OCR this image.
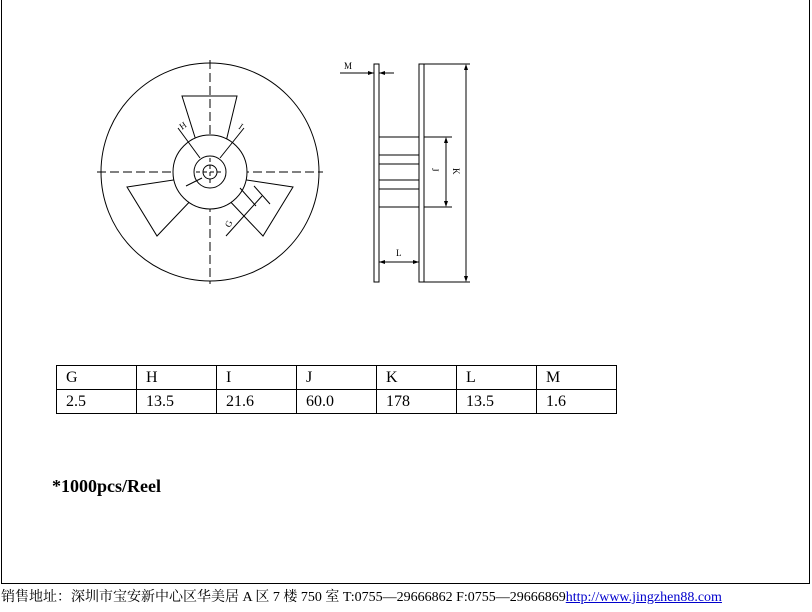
H	I
G
M
J K
L
G	H	I	J	K	L	M
2.5	13.5	21.6	60.0	178	13.5	1.6
*1000pcs/Reel
销售地址：深圳市宝安新中心区华美居 A 区 7 楼 750 室 T:0755—29666862 F:0755—29666869http://www.jingzhen88.com
